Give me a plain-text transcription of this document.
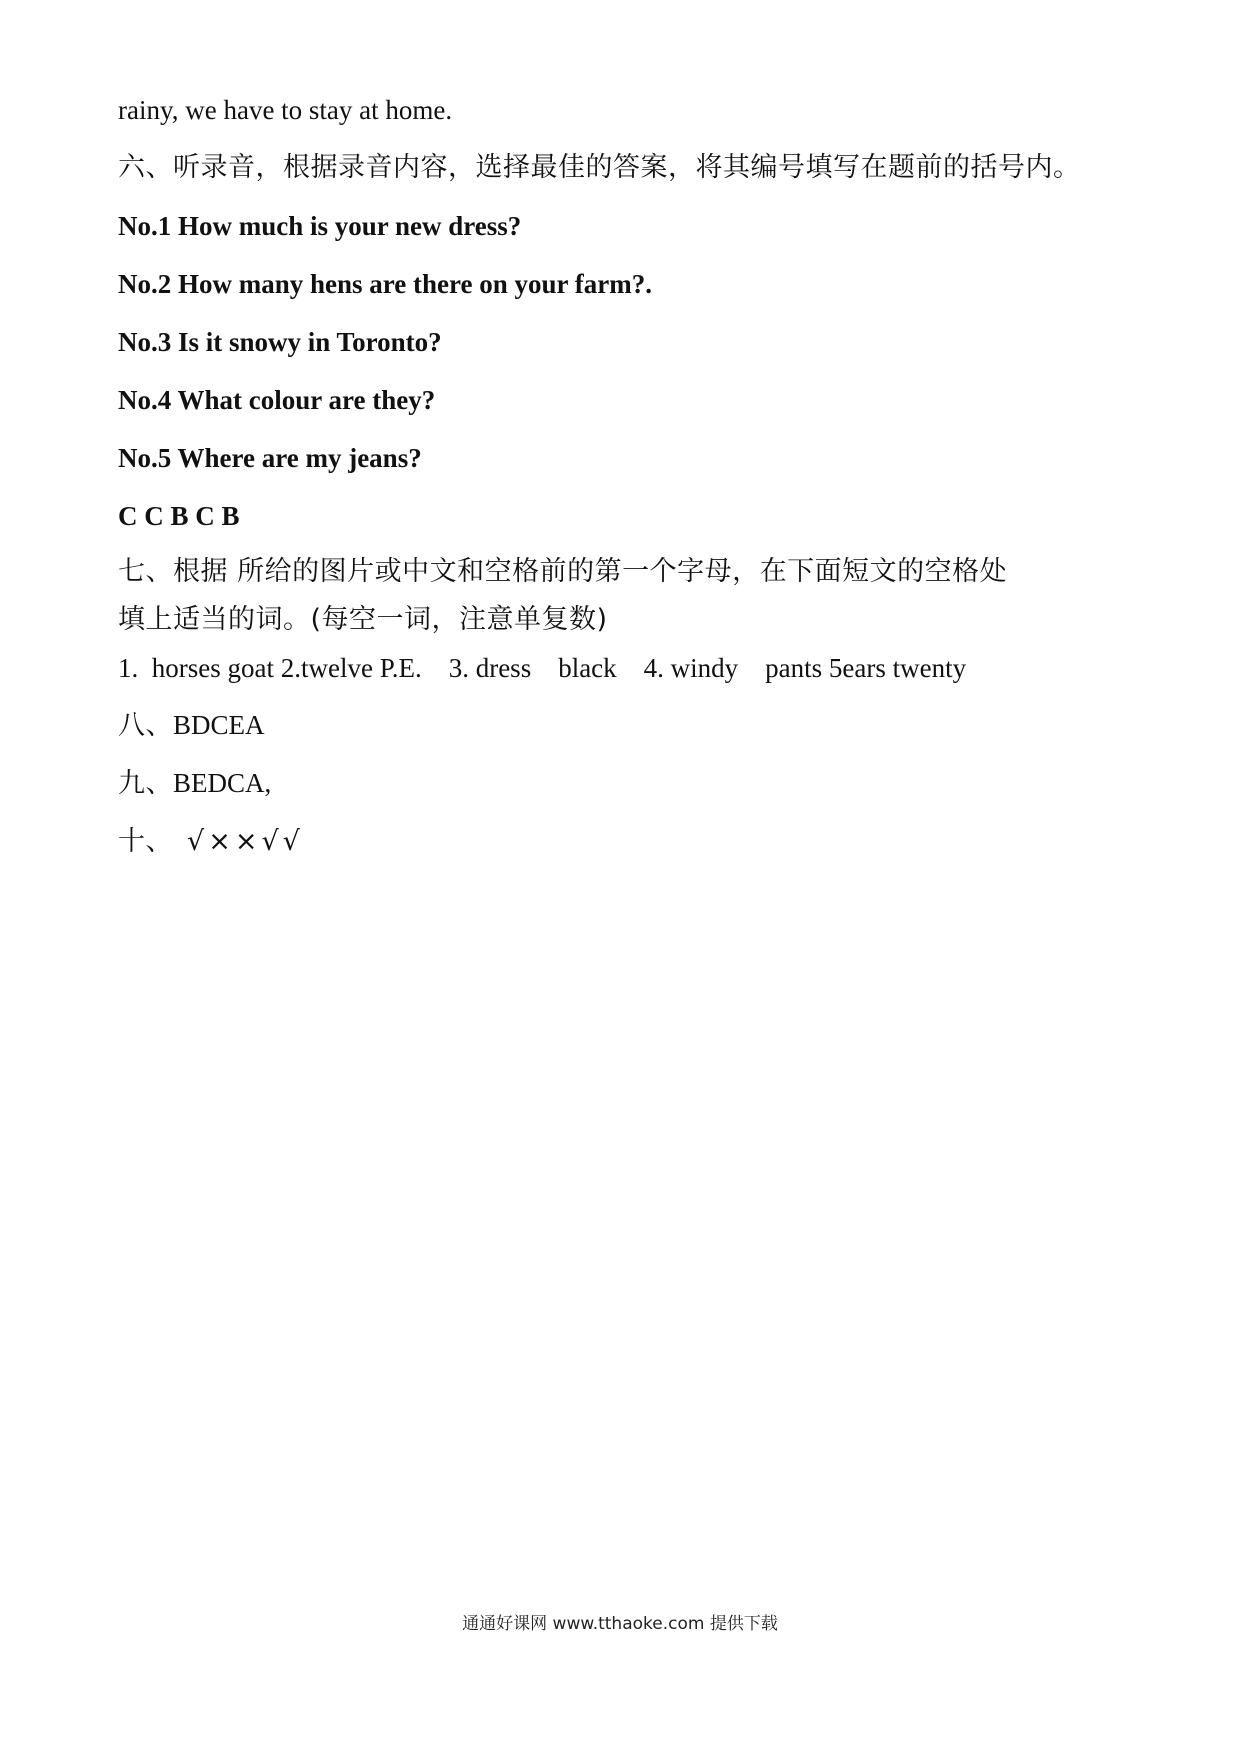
rainy, we have to stay at home.
六、听录音，根据录音内容，选择最佳的答案，将其编号填写在题前的括号内。
No.1 How much is your new dress?
No.2 How many hens are there on your farm?.
No.3 Is it snowy in Toronto?
No.4 What colour are they?
No.5 Where are my jeans?
C C B C B
七、根据 所给的图片或中文和空格前的第一个字母，在下面短文的空格处
填上适当的词。(每空一词，注意单复数)
1.  horses goat 2.twelve P.E.    3. dress    black    4. windy    pants 5ears twenty
八、BDCEA
九、BEDCA,
十、 √××√√
通通好课网 www.tthaoke.com 提供下载
